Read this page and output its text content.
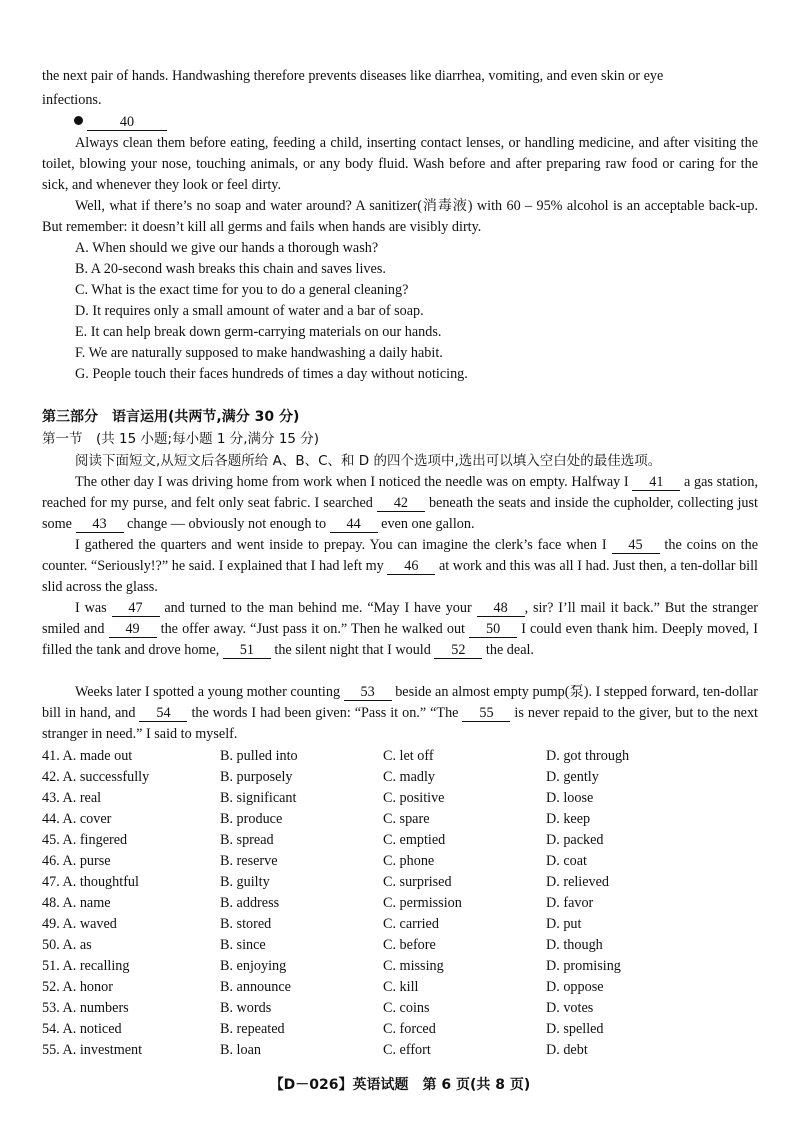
the next pair of hands. Handwashing therefore prevents diseases like diarrhea, vomiting, and even skin or eye
infections.
40
Always clean them before eating, feeding a child, inserting contact lenses, or handling medicine, and after visiting the toilet, blowing your nose, touching animals, or any body fluid. Wash before and after preparing raw food or caring for the sick, and whenever they look or feel dirty.
Well, what if there’s no soap and water around? A sanitizer(消毒液) with 60 – 95% alcohol is an acceptable back-up. But remember: it doesn’t kill all germs and fails when hands are visibly dirty.
A. When should we give our hands a thorough wash?
B. A 20-second wash breaks this chain and saves lives.
C. What is the exact time for you to do a general cleaning?
D. It requires only a small amount of water and a bar of soap.
E. It can help break down germ-carrying materials on our hands.
F. We are naturally supposed to make handwashing a daily habit.
G. People touch their faces hundreds of times a day without noticing.
第三部分　语言运用(共两节,满分 30 分)
第一节　(共 15 小题;每小题 1 分,满分 15 分)
阅读下面短文,从短文后各题所给 A、B、C、和 D 的四个选项中,选出可以填入空白处的最佳选项。
The other day I was driving home from work when I noticed the needle was on empty. Halfway I 41 a gas station, reached for my purse, and felt only seat fabric. I searched 42 beneath the seats and inside the cupholder, collecting just some 43 change — obviously not enough to 44 even one gallon.
I gathered the quarters and went inside to prepay. You can imagine the clerk’s face when I 45 the coins on the counter. “Seriously!?” he said. I explained that I had left my 46 at work and this was all I had. Just then, a ten-dollar bill slid across the glass.
I was 47 and turned to the man behind me. “May I have your 48 , sir? I’ll mail it back.” But the stranger smiled and 49 the offer away. “Just pass it on.” Then he walked out 50 I could even thank him. Deeply moved, I filled the tank and drove home, 51 the silent night that I would 52 the deal.
Weeks later I spotted a young mother counting 53 beside an almost empty pump(泵). I stepped forward, ten-dollar bill in hand, and 54 the words I had been given: “Pass it on.” “The 55 is never repaid to the giver, but to the next stranger in need.” I said to myself.
41. A. made out	B. pulled into	C. let off	D. got through
42. A. successfully	B. purposely	C. madly	D. gently
43. A. real	B. significant	C. positive	D. loose
44. A. cover	B. produce	C. spare	D. keep
45. A. fingered	B. spread	C. emptied	D. packed
46. A. purse	B. reserve	C. phone	D. coat
47. A. thoughtful	B. guilty	C. surprised	D. relieved
48. A. name	B. address	C. permission	D. favor
49. A. waved	B. stored	C. carried	D. put
50. A. as	B. since	C. before	D. though
51. A. recalling	B. enjoying	C. missing	D. promising
52. A. honor	B. announce	C. kill	D. oppose
53. A. numbers	B. words	C. coins	D. votes
54. A. noticed	B. repeated	C. forced	D. spelled
55. A. investment	B. loan	C. effort	D. debt
【D－026】英语试题　第 6 页(共 8 页)
